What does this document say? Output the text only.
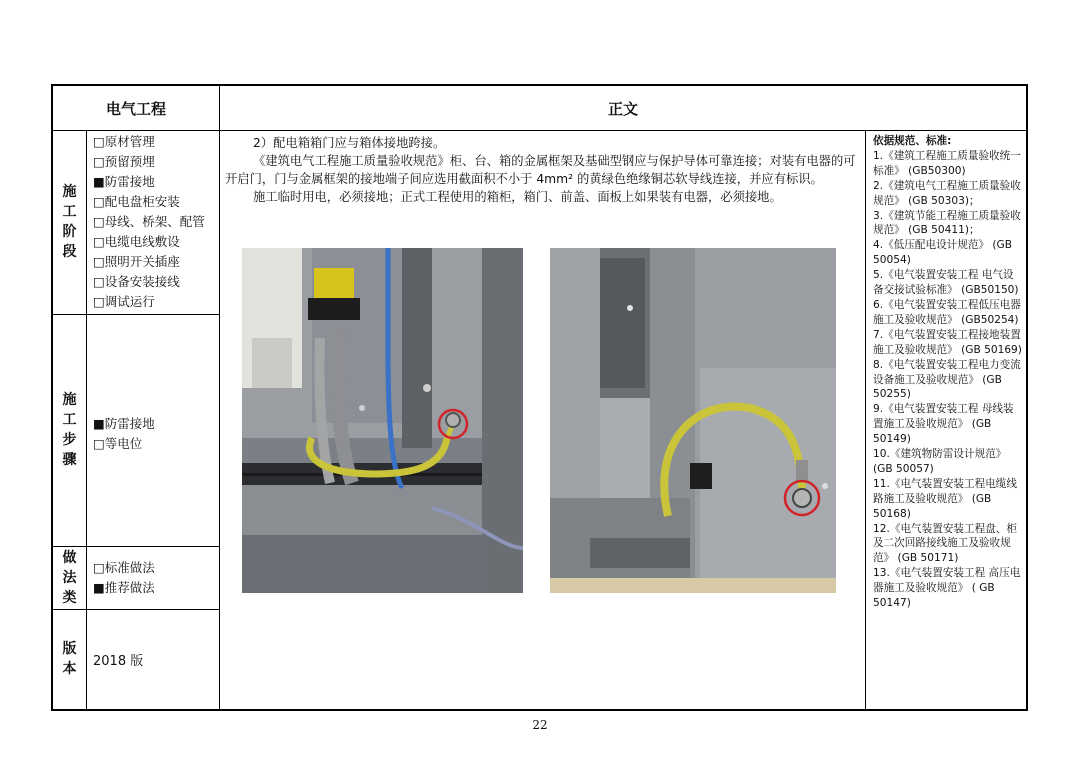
电气工程	正文
施
工
阶
段
□原材管理
□预留预埋
■防雷接地
□配电盘柜安装
□母线、桥架、配管
□电缆电线敷设
□照明开关插座
□设备安装接线
□调试运行
施
工
步
骤
■防雷接地
□等电位
做
法
类
□标准做法
■推荐做法
版
本 2018 版

2）配电箱箱门应与箱体接地跨接。

《建筑电气工程施工质量验收规范》柜、台、箱的金属框架及基础型钢应与保护导体可靠连接；对装有电器的可开启门，门与金属框架的接地端子间应选用截面积不小于 4mm² 的黄绿色绝缘铜芯软导线连接，并应有标识。

施工临时用电，必须接地；正式工程使用的箱柜，箱门、前盖、面板上如果装有电器，必须接地。

依据规范、标准:
1.《建筑工程施工质量验收统一标准》 (GB50300)
2.《建筑电气工程施工质量验收规范》 (GB 50303)；
3.《建筑节能工程施工质量验收规范》 (GB 50411)；
4.《低压配电设计规范》 (GB 50054)
5.《电气装置安装工程 电气设备交接试验标准》 (GB50150)
6.《电气装置安装工程低压电器施工及验收规范》 (GB50254)
7.《电气装置安装工程接地装置施工及验收规范》 (GB 50169)
8.《电气装置安装工程电力变流设备施工及验收规范》 (GB 50255)
9.《电气装置安装工程 母线装置施工及验收规范》 (GB 50149)
10.《建筑物防雷设计规范》 (GB 50057)
11.《电气装置安装工程电缆线路施工及验收规范》 (GB 50168)
12.《电气装置安装工程盘、柜及二次回路接线施工及验收规范》 (GB 50171)
13.《电气装置安装工程 高压电器施工及验收规范》 ( GB 50147)
22
